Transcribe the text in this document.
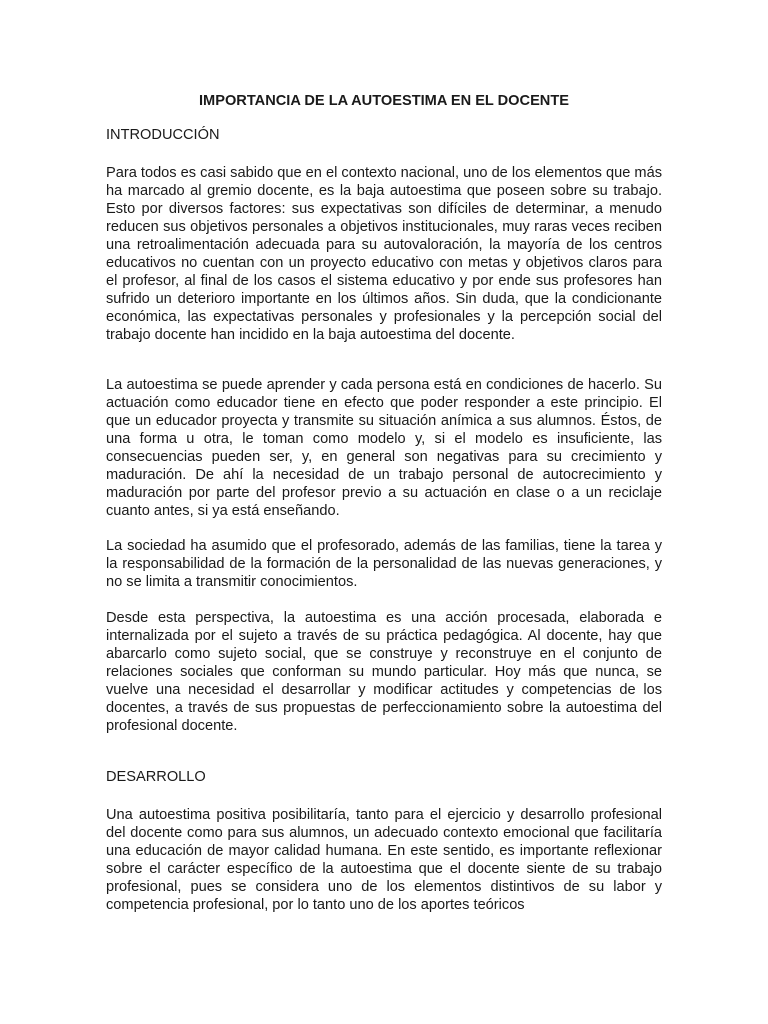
IMPORTANCIA DE LA AUTOESTIMA EN EL DOCENTE
INTRODUCCIÓN

Para todos es casi sabido que en el contexto nacional, uno de los elementos que más ha marcado al gremio docente, es la baja autoestima que poseen sobre su trabajo. Esto por diversos factores: sus expectativas son difíciles de determinar, a menudo reducen sus objetivos personales a objetivos institucionales, muy raras veces reciben una retroalimentación adecuada para su autovaloración, la mayoría de los centros educativos no cuentan con un proyecto educativo con metas y objetivos claros para el profesor, al final de los casos el sistema educativo y por ende sus profesores han sufrido un deterioro importante en los últimos años. Sin duda, que la condicionante económica, las expectativas personales y profesionales y la percepción social del trabajo docente han incidido en la baja autoestima del docente.

La autoestima se puede aprender y cada persona está en condiciones de hacerlo. Su actuación como educador tiene en efecto que poder responder a este principio. El que un educador proyecta y transmite su situación anímica a sus alumnos. Éstos, de una forma u otra, le toman como modelo y, si el modelo es insuficiente, las consecuencias pueden ser, y, en general son negativas para su crecimiento y maduración. De ahí la necesidad de un trabajo personal de autocrecimiento y maduración por parte del profesor previo a su actuación en clase o a un reciclaje cuanto antes, si ya está enseñando.

La sociedad ha asumido que el profesorado, además de las familias, tiene la tarea y la responsabilidad de la formación de la personalidad de las nuevas generaciones, y no se limita a transmitir conocimientos.

Desde esta perspectiva, la autoestima es una acción procesada, elaborada e internalizada por el sujeto a través de su práctica pedagógica. Al docente, hay que abarcarlo como sujeto social, que se construye y reconstruye en el conjunto de relaciones sociales que conforman su mundo particular. Hoy más que nunca, se vuelve una necesidad el desarrollar y modificar actitudes y competencias de los docentes, a través de sus propuestas de perfeccionamiento sobre la autoestima del profesional docente.

DESARROLLO

Una autoestima positiva posibilitaría, tanto para el ejercicio y desarrollo profesional del docente como para sus alumnos, un adecuado contexto emocional que facilitaría una educación de mayor calidad humana. En este sentido, es importante reflexionar sobre el carácter específico de la autoestima que el docente siente de su trabajo profesional, pues se considera uno de los elementos distintivos de su labor y competencia profesional, por lo tanto uno de los aportes teóricos
